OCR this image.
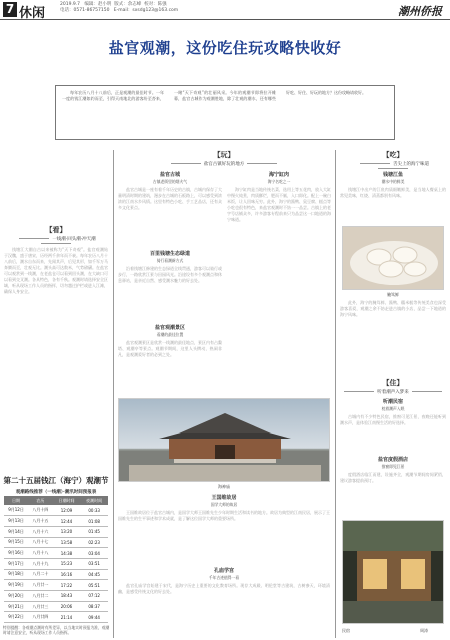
7 休闲
2019.9.7 编辑：赵小明 版式：余志峰 校对：陈强
电话：0571-86757150 E-mail：sxsdg123@163.com	潮州侨报
盐官观潮，这份吃住玩攻略快收好

每年农历八月十八前后，正是观潮的最佳时节。一年一度的钱江潮如约而至，引得天南地北的游客纷至沓来，一睹“天下奇观”的壮丽风采。今年的观潮节即将拉开帷幕，盐官古城作为观潮胜地，除了壮观的潮水，还有哪些好吃、好住、好玩的地方？这份攻略请收好。

【看】
一线潮·回头潮·冲天潮

钱塘江大潮自古以来被称为“天下奇观”。盐官观潮始于汉魏，盛于唐宋，历经两千余年而不衰。每年农历八月十八前后，潮水自东而来，先闻其声，后见其形，如千军万马奔腾而至，壮观无比。潮头高可达数米，气势磅礴。在盐官可以观赏到一线潮，在老盐仓可以看到回头潮，在大缺口可以看到交叉潮。各具特色，各有千秋。观潮时请选择安全区域，听从现场工作人员的指挥，切勿越过护栏或进入江滩，确保人身安全。

第二十五届钱江（海宁）观潮节
观潮路线推荐（一线潮）·潮汛时间预报表
日期	农历	日潮时间	夜潮时间
9月12日	八月十四	12:09	00:33
9月13日	八月十五	12:44	01:08
9月14日	八月十六	13:20	01:45
9月15日	八月十七	13:58	02:23
9月16日	八月十八	14:38	03:04
9月17日	八月十九	15:23	03:51
9月18日	八月二十	16:16	04:45
9月19日	八月廿一	17:22	05:51
9月20日	八月廿二	18:43	07:12
9月21日	八月廿三	20:06	08:37
9月22日	八月廿四	21:14	09:44
特别提醒：各观潮点潮时有所差异，以当地实时预报为准，观潮时请注意安全，听从现场工作人员指挥。
【玩】
盐官古镇好玩的地方
盐官古城
古镇老街里的烟火气

盐官古城是一座有着千年历史的古镇，古城内保存了大量明清时期的建筑，漫步在古城的石板路上，可以感受到浓浓的江南水乡风情。这里有特色小吃、手工艺品店，还有众多文化景点。

百里钱塘生态绿道
骑行看潮新方式

沿着钱塘江修建的生态绿道全线贯通，游客可以骑行或步行，一路欣赏江景与田园风光。沿途设有多个观潮点和休息驿站，是亲近自然、感受潮水魅力的好去处。

盐官观潮景区
看潮的最佳位置

盐官观潮景区是欣赏一线潮的最佳地点，景区内有占鳌塔、观潮亭等景点。观潮节期间，这里人头攒动，热闹非凡，是观潮爱好者的必到之处。

海宁缸肉
海宁名吃之一

海宁缸肉是当地传统名菜，选用上等五花肉，放入大缸中慢火炖煮，肉质酥烂，肥而不腻，入口即化。配上一碗白米饭，让人回味无穷。此外，海宁的酱鸭、臭豆腐、糕点等小吃也很有特色，来盐官观潮时不妨一一品尝。古镇上的老字号店铺众多，许多游客专程前来只为品尝这一口地道的海宁味道。

海神庙
王国维故居
国学大师的故居

王国维故居位于盐官古城内，是国学大师王国维先生少年时期生活和读书的地方。故居为典型的江南民居，展示了王国维先生的生平事迹和学术成就，是了解这位国学大师的重要场所。

孔庙学宫
千年古迹值得一看

盐官孔庙学宫始建于宋代，是海宁历史上重要的文化教育场所。现存大成殿、明伦堂等古建筑，古树参天，环境清幽，是感受传统文化的好去处。

【吃】
舌尖上的海宁味道
钱塘江鱼
潮水中的鲜美

钱塘江中出产的江鱼肉质细嫩鲜美，是当地人餐桌上的常见美味，红烧、清蒸都别有风味。

腌笃鲜

此外，海宁的腌笃鲜、酱鸭、糯米糕等传统美食也深受游客喜爱，观潮之余不妨走进古镇的小店，品尝一下地道的海宁风味。

【住】
听着潮声入梦来
听潮民宿
枕着潮声入眠

古城内有不少特色民宿，推窗可见江景，夜晚还能听到潮水声，是体验江南慢生活的好选择。

盐官度假酒店
推窗即见江景

度假酒店临江而建，设施齐全，观潮节期间房间紧俏，建议游客提前预订。

周涛
民宿
